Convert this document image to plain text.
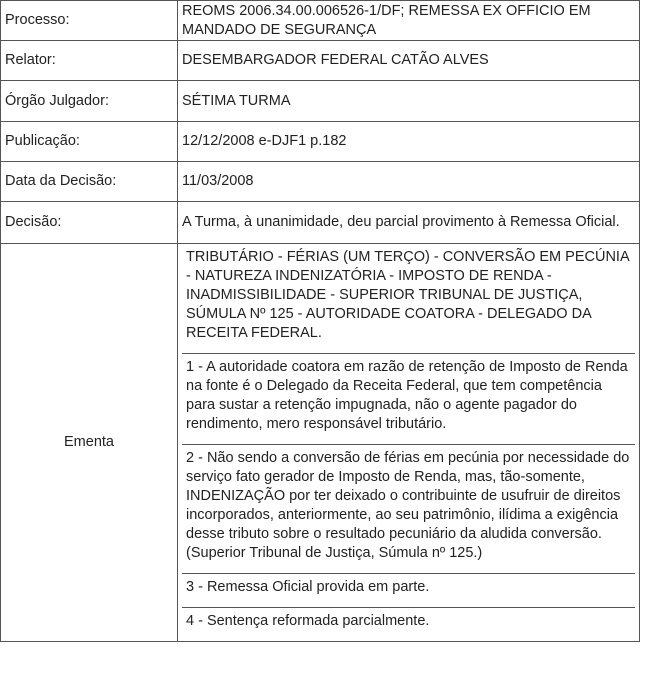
Processo:	REOMS 2006.34.00.006526-1/DF; REMESSA EX OFFICIO EM MANDADO DE SEGURANÇA
Relator:	DESEMBARGADOR FEDERAL CATÃO ALVES
Órgão Julgador:	SÉTIMA TURMA
Publicação:	12/12/2008 e-DJF1 p.182
Data da Decisão:	11/03/2008
Decisão:	A Turma, à unanimidade, deu parcial provimento à Remessa Oficial.
Ementa	TRIBUTÁRIO - FÉRIAS (UM TERÇO) - CONVERSÃO EM PECÚNIA - NATUREZA INDENIZATÓRIA - IMPOSTO DE RENDA - INADMISSIBILIDADE - SUPERIOR TRIBUNAL DE JUSTIÇA, SÚMULA Nº 125 - AUTORIDADE COATORA - DELEGADO DA RECEITA FEDERAL.
1 - A autoridade coatora em razão de retenção de Imposto de Renda na fonte é o Delegado da Receita Federal, que tem competência para sustar a retenção impugnada, não o agente pagador do rendimento, mero responsável tributário.
2 - Não sendo a conversão de férias em pecúnia por necessidade do serviço fato gerador de Imposto de Renda, mas, tão-somente, INDENIZAÇÃO por ter deixado o contribuinte de usufruir de direitos incorporados, anteriormente, ao seu patrimônio, ilídima a exigência desse tributo sobre o resultado pecuniário da aludida conversão. (Superior Tribunal de Justiça, Súmula nº 125.)
3 - Remessa Oficial provida em parte.
4 - Sentença reformada parcialmente.
